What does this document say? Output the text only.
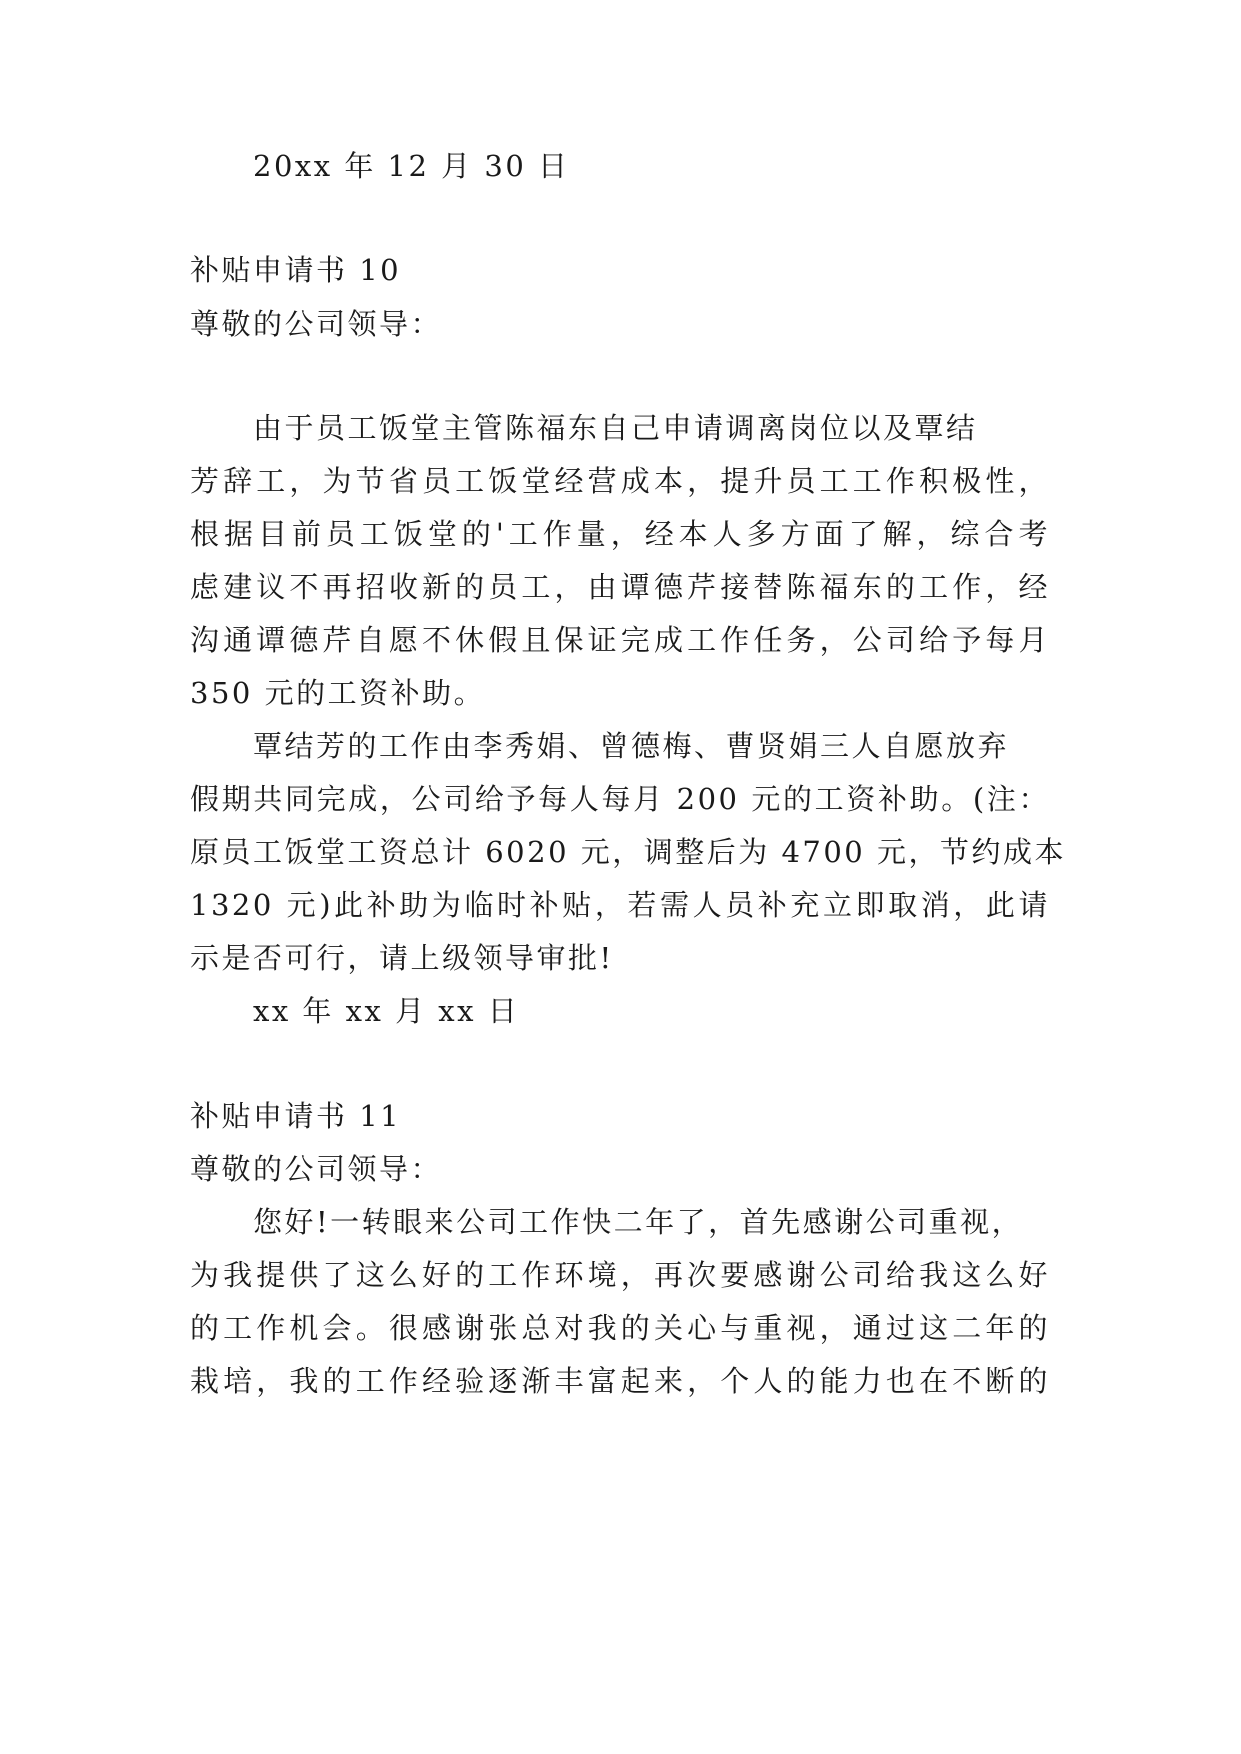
20xx 年 12 月 30 日
补贴申请书 10
尊敬的公司领导：
由于员工饭堂主管陈福东自己申请调离岗位以及覃结
芳辞工，为节省员工饭堂经营成本，提升员工工作积极性，
根据目前员工饭堂的'工作量，经本人多方面了解，综合考
虑建议不再招收新的员工，由谭德芹接替陈福东的工作，经
沟通谭德芹自愿不休假且保证完成工作任务，公司给予每月
350 元的工资补助。
覃结芳的工作由李秀娟、曾德梅、曹贤娟三人自愿放弃
假期共同完成，公司给予每人每月 200 元的工资补助。(注：
原员工饭堂工资总计 6020 元，调整后为 4700 元，节约成本
1320 元)此补助为临时补贴，若需人员补充立即取消，此请
示是否可行，请上级领导审批!
xx 年 xx 月 xx 日
补贴申请书 11
尊敬的公司领导：
您好!一转眼来公司工作快二年了，首先感谢公司重视，
为我提供了这么好的工作环境，再次要感谢公司给我这么好
的工作机会。很感谢张总对我的关心与重视，通过这二年的
栽培，我的工作经验逐渐丰富起来，个人的能力也在不断的
